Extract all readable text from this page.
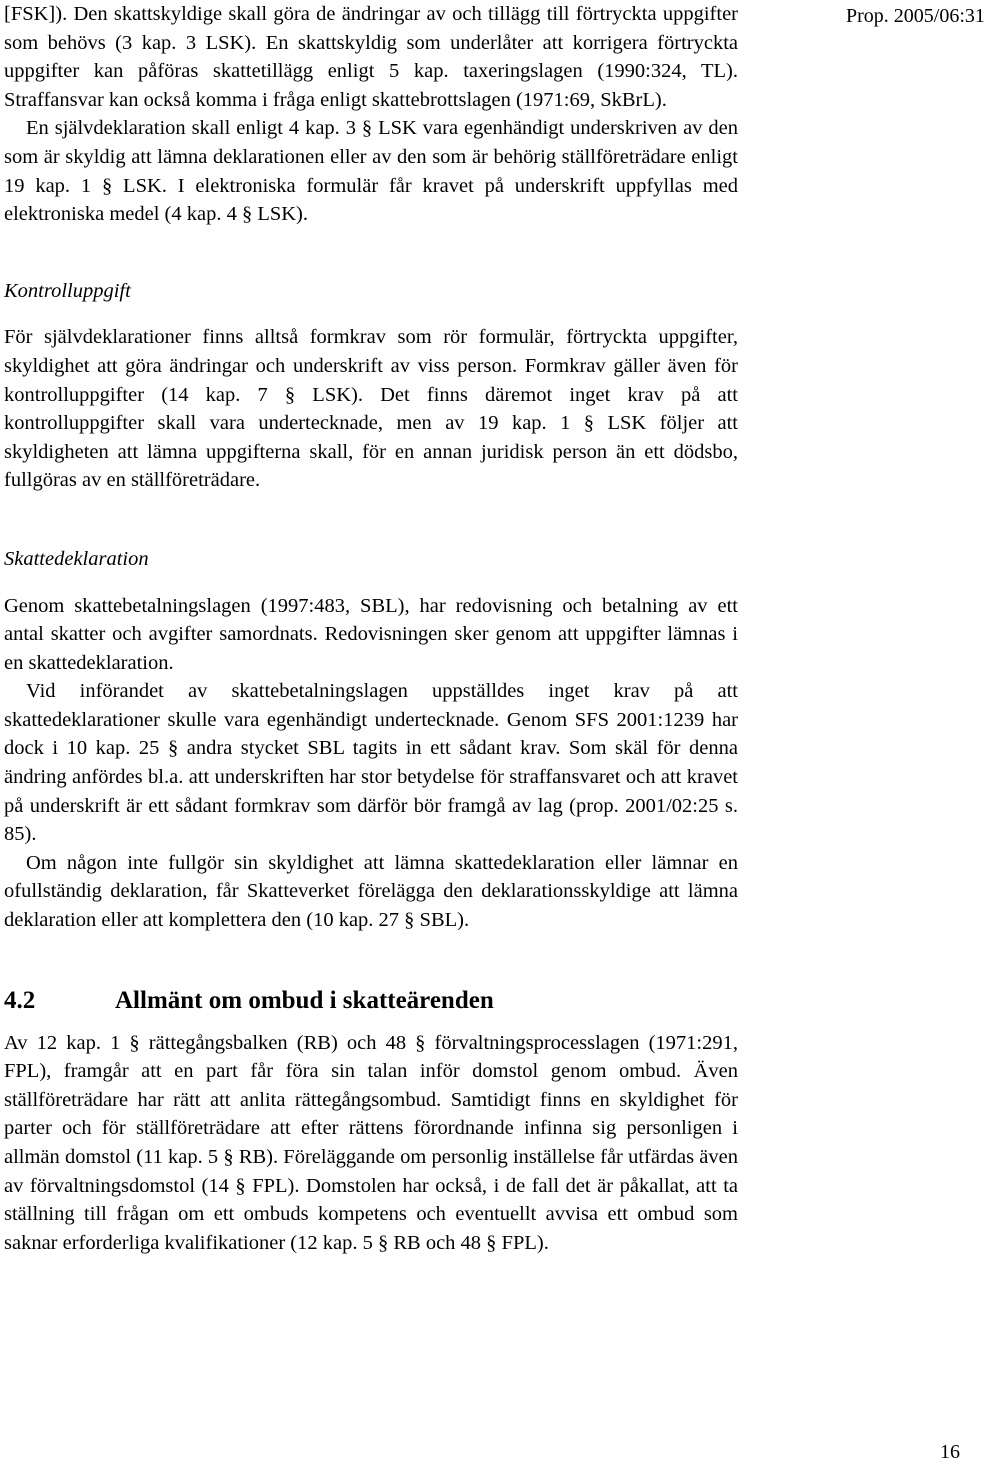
Prop. 2005/06:31

[FSK]). Den skattskyldige skall göra de ändringar av och tillägg till förtryckta uppgifter som behövs (3 kap. 3 LSK). En skattskyldig som underlåter att korrigera förtryckta uppgifter kan påföras skattetillägg enligt 5 kap. taxeringslagen (1990:324, TL). Straffansvar kan också komma i fråga enligt skattebrottslagen (1971:69, SkBrL).

En självdeklaration skall enligt 4 kap. 3 § LSK vara egenhändigt underskriven av den som är skyldig att lämna deklarationen eller av den som är behörig ställföreträdare enligt 19 kap. 1 § LSK. I elektroniska formulär får kravet på underskrift uppfyllas med elektroniska medel (4 kap. 4 § LSK).

Kontrolluppgift

För självdeklarationer finns alltså formkrav som rör formulär, förtryckta uppgifter, skyldighet att göra ändringar och underskrift av viss person. Formkrav gäller även för kontrolluppgifter (14 kap. 7 § LSK). Det finns däremot inget krav på att kontrolluppgifter skall vara undertecknade, men av 19 kap. 1 § LSK följer att skyldigheten att lämna uppgifterna skall, för en annan juridisk person än ett dödsbo, fullgöras av en ställföreträdare.

Skattedeklaration

Genom skattebetalningslagen (1997:483, SBL), har redovisning och betalning av ett antal skatter och avgifter samordnats. Redovisningen sker genom att uppgifter lämnas i en skattedeklaration.

Vid införandet av skattebetalningslagen uppställdes inget krav på att skattedeklarationer skulle vara egenhändigt undertecknade. Genom SFS 2001:1239 har dock i 10 kap. 25 § andra stycket SBL tagits in ett sådant krav. Som skäl för denna ändring anfördes bl.a. att underskriften har stor betydelse för straffansvaret och att kravet på underskrift är ett sådant formkrav som därför bör framgå av lag (prop. 2001/02:25 s. 85).

Om någon inte fullgör sin skyldighet att lämna skattedeklaration eller lämnar en ofullständig deklaration, får Skatteverket förelägga den deklarationsskyldige att lämna deklaration eller att komplettera den (10 kap. 27 § SBL).

4.2	Allmänt om ombud i skatteärenden

Av 12 kap. 1 § rättegångsbalken (RB) och 48 § förvaltningsprocesslagen (1971:291, FPL), framgår att en part får föra sin talan inför domstol genom ombud. Även ställföreträdare har rätt att anlita rättegångsombud. Samtidigt finns en skyldighet för parter och för ställföreträdare att efter rättens förordnande infinna sig personligen i allmän domstol (11 kap. 5 § RB). Föreläggande om personlig inställelse får utfärdas även av förvaltningsdomstol (14 § FPL). Domstolen har också, i de fall det är påkallat, att ta ställning till frågan om ett ombuds kompetens och eventuellt avvisa ett ombud som saknar erforderliga kvalifikationer (12 kap. 5 § RB och 48 § FPL).

16
